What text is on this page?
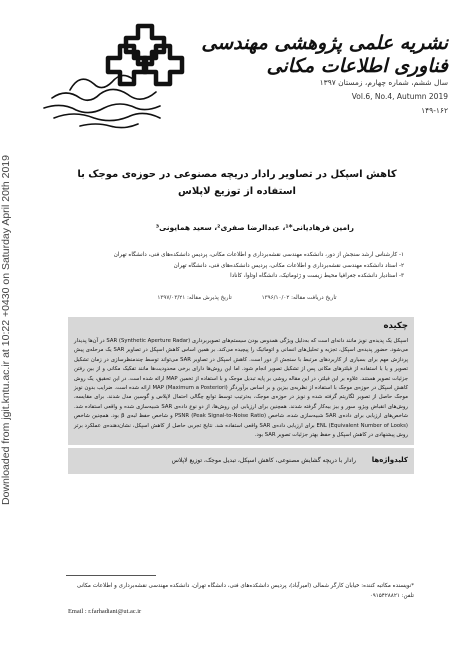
Downloaded from jgit.kntu.ac.ir at 10:22 +0430 on Saturday April 20th 2019
نشریه علمی پژوهشی مهندسی فناوری اطلاعات مکانی
سال ششم، شماره چهارم، زمستان ۱۳۹۷
Vol.6, No.4, Autumn 2019
۱۴۹-۱۶۲
کاهش اسپکل در تصاویر رادار دریچه مصنوعی در حوزه‌ی موجک با استفاده از توزیع لاپلاس
رامین فرهادیانی*¹، عبدالرضا صفری²، سعید همایونی³
۱- کارشناس ارشد سنجش از دور، دانشکده مهندسی نقشه‌برداری و اطلاعات مکانی، پردیس دانشکده‌های فنی، دانشگاه تهران
۲- استاد دانشکده مهندسی نقشه‌برداری و اطلاعات مکانی، پردیس دانشکده‌های فنی، دانشگاه تهران
۳- استادیار دانشکده جغرافیا محیط زیست و ژئوماتیک، دانشگاه اوتاوا، کانادا
تاریخ دریافت مقاله: ۱۳۹۶/۱۰/۰۲ تاریخ پذیرش مقاله: ۱۳۹۷/۰۳/۲۱
چکیده
اسپکل یک پدیده‌ی نویز مانند دانه‌ای است که به‌دلیل ویژگی همدوس بودن سیستم‌های تصویربرداری (Synthetic Aperture Radar) SAR در آن‌ها پدیدار می‌شود. حضور پدیده‌ی اسپکل، تجزیه و تحلیل‌های انسانی و اتوماتیک را پیچیده می‌کند. بر همین اساس کاهش اسپکل در تصاویر SAR یک مرحله‌ی پیش پردازش مهم برای بسیاری از کاربردهای مرتبط با سنجش از دور است. کاهش اسپکل در تصاویر SAR می‌تواند توسط چندمنظرسازی در زمان تشکیل تصویر و یا با استفاده از فیلترهای مکانی پس از تشکیل تصویر انجام شود. اما این روش‌ها دارای برخی محدودیت‌ها مانند تفکیک مکانی و از بین رفتن جزئیات تصویر هستند. علاوه بر این فیلتر، در این مقاله روشی بر پایه تبدیل موجک و با استفاده از تخمین MAP ارائه شده است. در این تحقیق، یک روش کاهش اسپکل در حوزه‌ی موجک با استفاده از نظریه‌ی بیزین و بر اساس برآوردگر MAP (Maximum a Posteriori) ارائه شده است. ضرایب بدون نویز موجک حاصل از تصویر لگاریتم گرفته شده و نویز در حوزه‌ی موجک، به‌ترتیب توسط توابع چگالی احتمال لاپلاس و گوسین مدل شدند. برای مقایسه، روش‌های انقباض ویژو، سور و بیز بیه‌کار گرفته شدند. همچنین برای ارزیابی این روش‌ها، از دو نوع داده‌ی SAR شبیه‌سازی شده و واقعی استفاده شد. شاخص‌های ارزیابی برای داده‌ی SAR شبیه‌سازی شده، شاخص PSNR (Peak Signal-to-Noise Ratio) و شاخص حفظ لبه‌ی β بود. همچنین شاخص ENL (Equivalent Number of Looks) برای ارزیابی داده‌ی SAR واقعی استفاده شد. نتایج تجربی حاصل از کاهش اسپکل، نشان‌دهنده‌ی عملکرد برتر روش پیشنهادی در کاهش اسپکل و حفظ بهتر جزئیات تصویر SAR بود.
کلیدواژه‌ها
رادار با دریچه گشایش مصنوعی، کاهش اسپکل، تبدیل موجک، توزیع لاپلاس
*نویسنده مکاتبه کننده: خیابان کارگر شمالی (امیرآباد)، پردیس دانشکده‌های فنی، دانشگاه تهران، دانشکده مهندسی نقشه‌برداری و اطلاعات مکانی
تلفن: ۰۹۱۵۴۲۸۸۲۱
Email : r.farhadiani@ut.ac.ir
